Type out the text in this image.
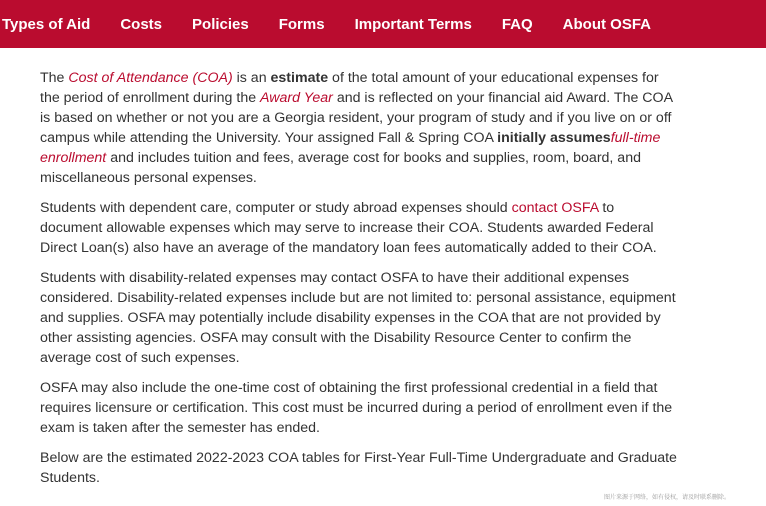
Types of Aid Costs Policies Forms Important Terms FAQ About OSFA

The Cost of Attendance (COA) is an estimate of the total amount of your educational expenses for the period of enrollment during the Award Year and is reflected on your financial aid Award. The COA is based on whether or not you are a Georgia resident, your program of study and if you live on or off campus while attending the University. Your assigned Fall & Spring COA initially assumesfull-time enrollment and includes tuition and fees, average cost for books and supplies, room, board, and miscellaneous personal expenses.

Students with dependent care, computer or study abroad expenses should contact OSFA to document allowable expenses which may serve to increase their COA. Students awarded Federal Direct Loan(s) also have an average of the mandatory loan fees automatically added to their COA.

Students with disability-related expenses may contact OSFA to have their additional expenses considered. Disability-related expenses include but are not limited to: personal assistance, equipment and supplies. OSFA may potentially include disability expenses in the COA that are not provided by other assisting agencies. OSFA may consult with the Disability Resource Center to confirm the average cost of such expenses.

OSFA may also include the one-time cost of obtaining the first professional credential in a field that requires licensure or certification. This cost must be incurred during a period of enrollment even if the exam is taken after the semester has ended.

Below are the estimated 2022-2023 COA tables for First-Year Full-Time Undergraduate and Graduate Students.

图片来源于网络，如有侵权，请及时联系删除。
